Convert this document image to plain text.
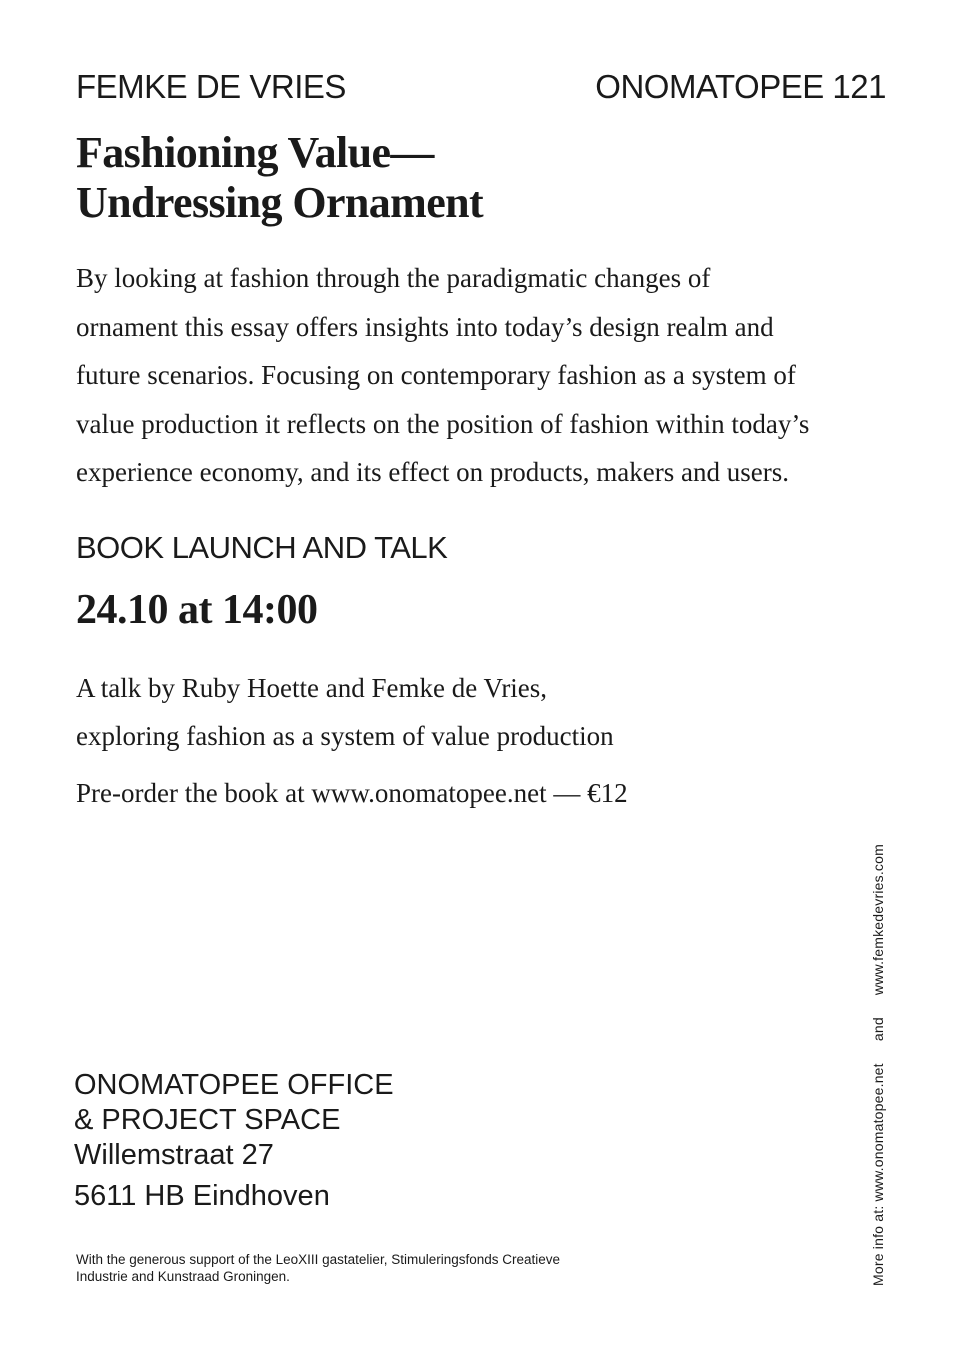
FEMKE DE VRIES	ONOMATOPEE 121
Fashioning Value—
Undressing Ornament
By looking at fashion through the paradigmatic changes of
ornament this essay offers insights into today’s design realm and
future scenarios. Focusing on contemporary fashion as a system of
value production it reflects on the position of fashion within today’s
experience economy, and its effect on products, makers and users.
BOOK LAUNCH AND TALK
24.10 at 14:00
A talk by Ruby Hoette and Femke de Vries,
exploring fashion as a system of value production
Pre-order the book at www.onomatopee.net — €12
ONOMATOPEE OFFICE
& PROJECT SPACE
Willemstraat 27
5611 HB Eindhoven
With the generous support of the LeoXIII gastatelier, Stimuleringsfonds Creatieve
Industrie and Kunstraad Groningen.	More info at: www.onomatopee.net and www.femkedevries.com
